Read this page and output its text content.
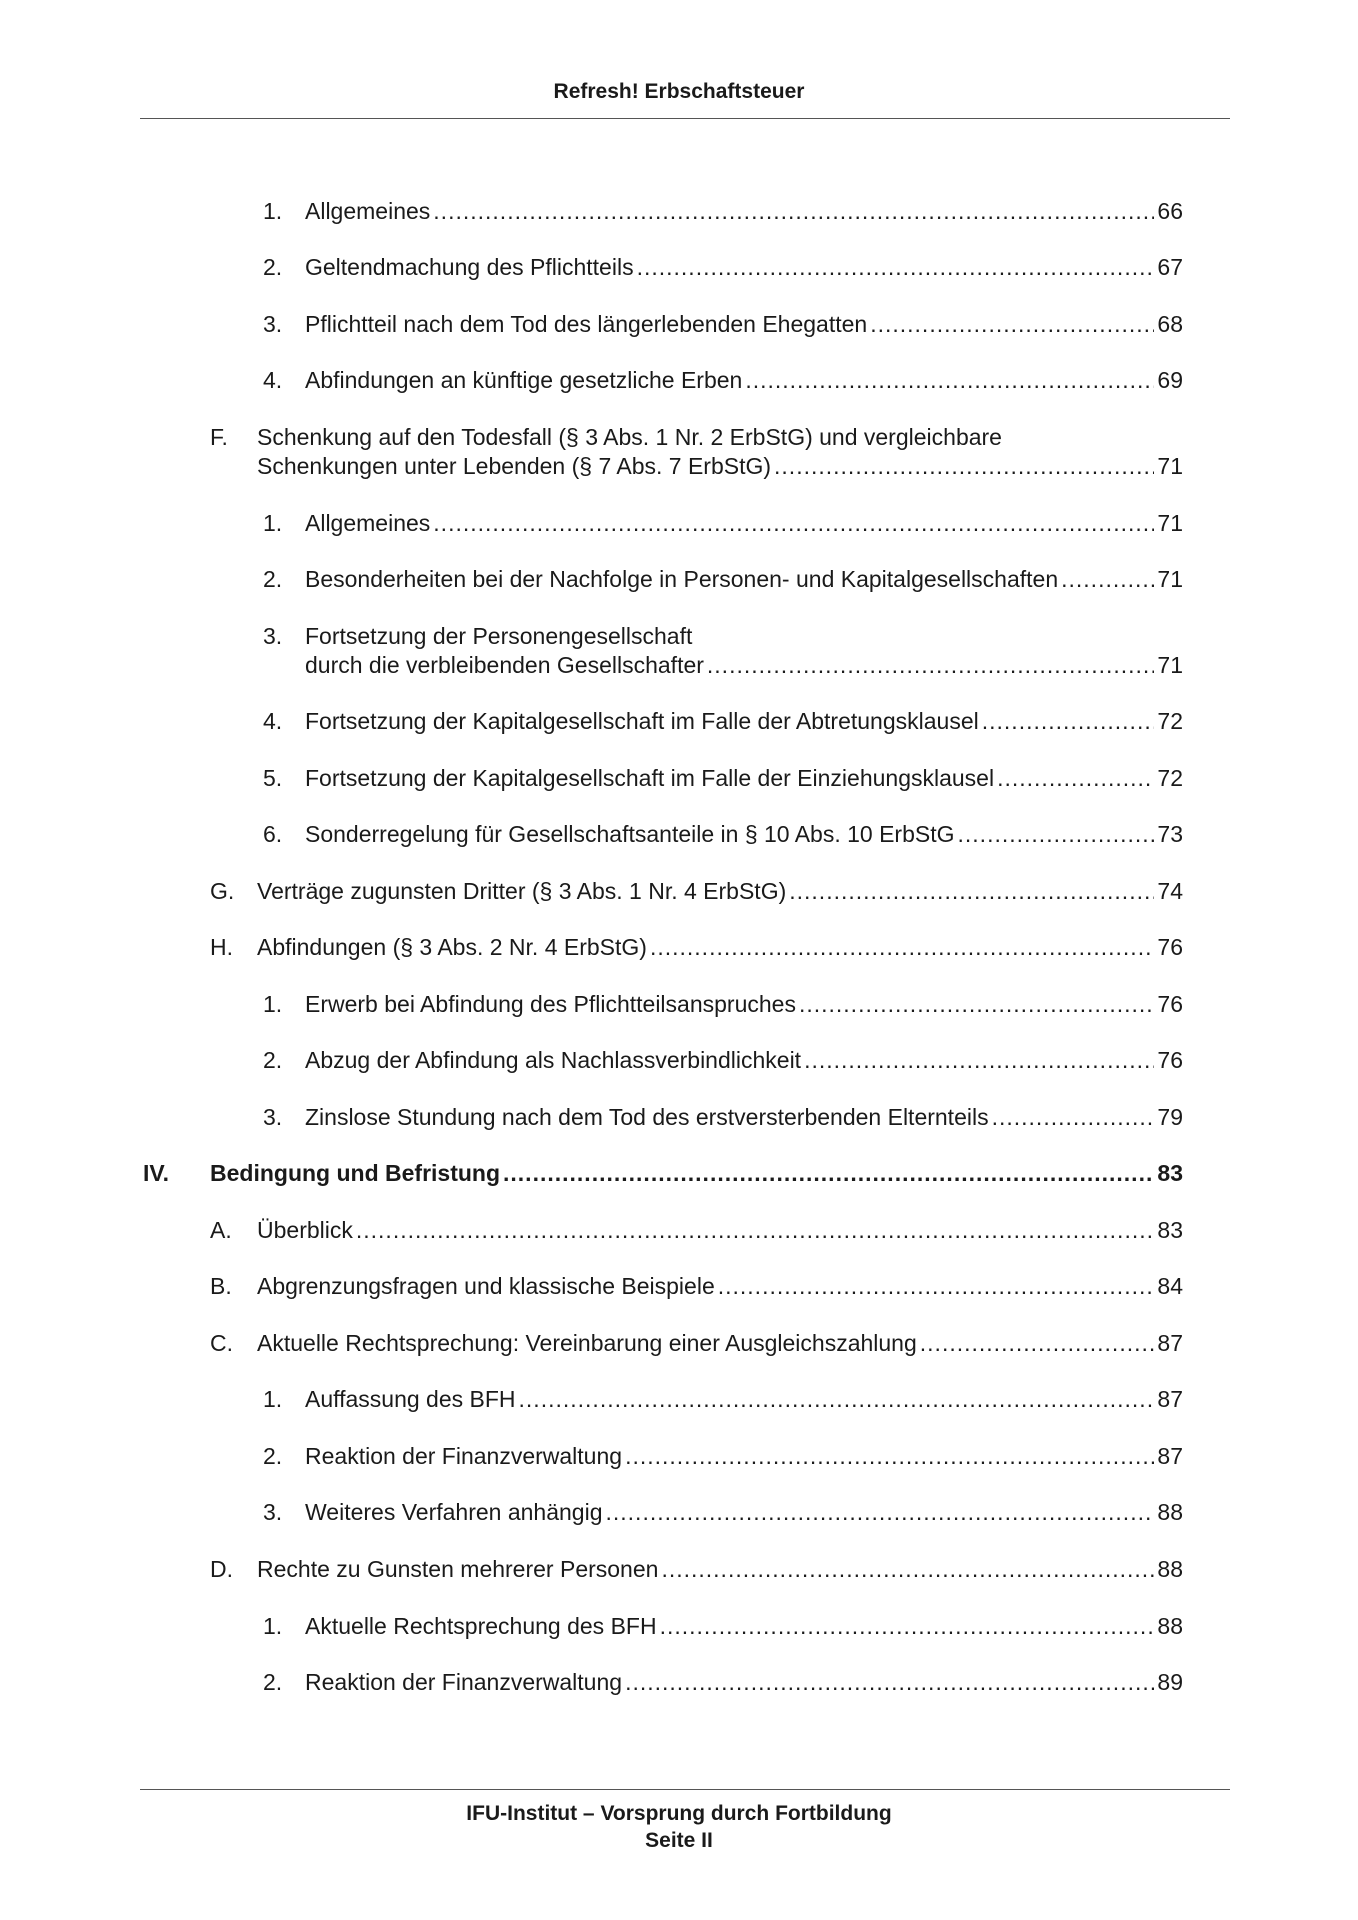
Refresh! Erbschaftsteuer
1. Allgemeines .....	66
2. Geltendmachung des Pflichtteils .....	67
3. Pflichtteil nach dem Tod des längerlebenden Ehegatten .....	68
4. Abfindungen an künftige gesetzliche Erben .....	69
F. Schenkung auf den Todesfall (§ 3 Abs. 1 Nr. 2 ErbStG) und vergleichbare
Schenkungen unter Lebenden (§ 7 Abs. 7 ErbStG) .....	71
1. Allgemeines .....	71
2. Besonderheiten bei der Nachfolge in Personen- und Kapitalgesellschaften .....	71
3. Fortsetzung der Personengesellschaft
durch die verbleibenden Gesellschafter .....	71
4. Fortsetzung der Kapitalgesellschaft im Falle der Abtretungsklausel .....	72
5. Fortsetzung der Kapitalgesellschaft im Falle der Einziehungsklausel .....	72
6. Sonderregelung für Gesellschaftsanteile in § 10 Abs. 10 ErbStG .....	73
G. Verträge zugunsten Dritter (§ 3 Abs. 1 Nr. 4 ErbStG) .....	74
H. Abfindungen (§ 3 Abs. 2 Nr. 4 ErbStG) .....	76
1. Erwerb bei Abfindung des Pflichtteilsanspruches .....	76
2. Abzug der Abfindung als Nachlassverbindlichkeit .....	76
3. Zinslose Stundung nach dem Tod des erstversterbenden Elternteils .....	79
IV. Bedingung und Befristung .....	83
A. Überblick .....	83
B. Abgrenzungsfragen und klassische Beispiele .....	84
C. Aktuelle Rechtsprechung: Vereinbarung einer Ausgleichszahlung .....	87
1. Auffassung des BFH .....	87
2. Reaktion der Finanzverwaltung .....	87
3. Weiteres Verfahren anhängig .....	88
D. Rechte zu Gunsten mehrerer Personen .....	88
1. Aktuelle Rechtsprechung des BFH .....	88
2. Reaktion der Finanzverwaltung .....	89
IFU-Institut – Vorsprung durch Fortbildung
Seite II
